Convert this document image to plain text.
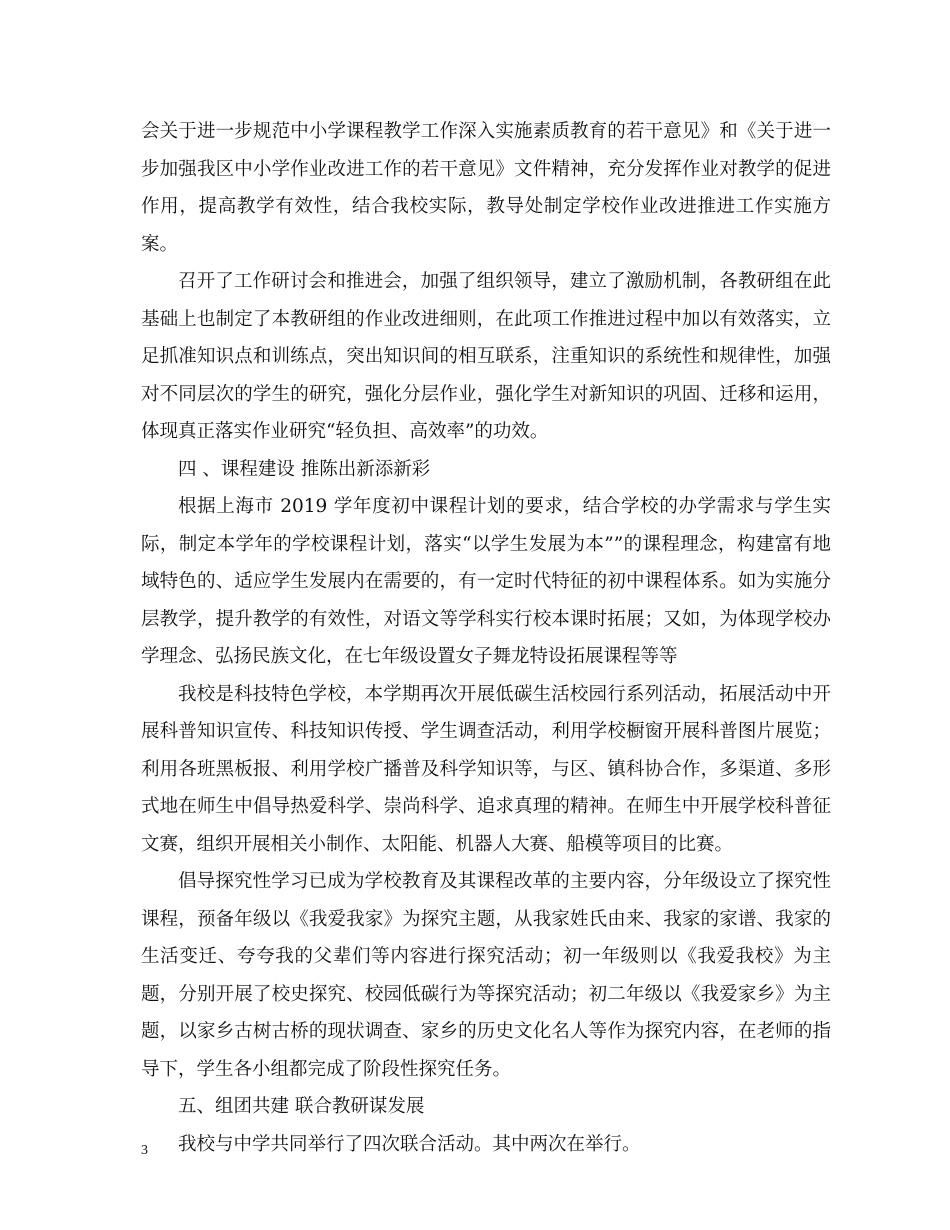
会关于进一步规范中小学课程教学工作深入实施素质教育的若干意见》和《关于进一步加强我区中小学作业改进工作的若干意见》文件精神，充分发挥作业对教学的促进作用，提高教学有效性，结合我校实际，教导处制定学校作业改进推进工作实施方案。

召开了工作研讨会和推进会，加强了组织领导，建立了激励机制，各教研组在此基础上也制定了本教研组的作业改进细则，在此项工作推进过程中加以有效落实，立足抓准知识点和训练点，突出知识间的相互联系，注重知识的系统性和规律性，加强对不同层次的学生的研究，强化分层作业，强化学生对新知识的巩固、迁移和运用，体现真正落实作业研究“轻负担、高效率”的功效。

四 、课程建设 推陈出新添新彩

根据上海市 2019 学年度初中课程计划的要求，结合学校的办学需求与学生实际，制定本学年的学校课程计划，落实“以学生发展为本””的课程理念，构建富有地域特色的、适应学生发展内在需要的，有一定时代特征的初中课程体系。如为实施分层教学，提升教学的有效性，对语文等学科实行校本课时拓展；又如，为体现学校办学理念、弘扬民族文化，在七年级设置女子舞龙特设拓展课程等等

我校是科技特色学校，本学期再次开展低碳生活校园行系列活动，拓展活动中开展科普知识宣传、科技知识传授、学生调查活动，利用学校橱窗开展科普图片展览；利用各班黑板报、利用学校广播普及科学知识等，与区、镇科协合作，多渠道、多形式地在师生中倡导热爱科学、崇尚科学、追求真理的精神。在师生中开展学校科普征文赛，组织开展相关小制作、太阳能、机器人大赛、船模等项目的比赛。

倡导探究性学习已成为学校教育及其课程改革的主要内容，分年级设立了探究性课程，预备年级以《我爱我家》为探究主题，从我家姓氏由来、我家的家谱、我家的生活变迁、夸夸我的父辈们等内容进行探究活动；初一年级则以《我爱我校》为主题，分别开展了校史探究、校园低碳行为等探究活动；初二年级以《我爱家乡》为主题，以家乡古树古桥的现状调查、家乡的历史文化名人等作为探究内容，在老师的指导下，学生各小组都完成了阶段性探究任务。

五、组团共建 联合教研谋发展

我校与中学共同举行了四次联合活动。其中两次在举行。

3
